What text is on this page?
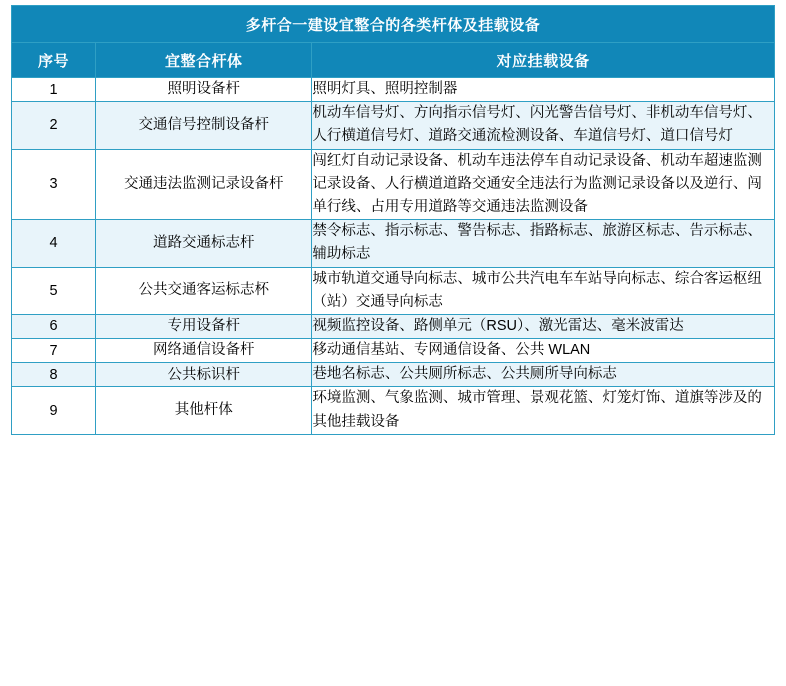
多杆合一建设宜整合的各类杆体及挂载设备		
序号	宜整合杆体	对应挂载设备
1	照明设备杆	照明灯具、照明控制器
2	交通信号控制设备杆	机动车信号灯、方向指示信号灯、闪光警告信号灯、非机动车信号灯、人行横道信号灯、道路交通流检测设备、车道信号灯、道口信号灯
3	交通违法监测记录设备杆	闯红灯自动记录设备、机动车违法停车自动记录设备、机动车超速监测记录设备、人行横道道路交通安全违法行为监测记录设备以及逆行、闯单行线、占用专用道路等交通违法监测设备
4	道路交通标志杆	禁令标志、指示标志、警告标志、指路标志、旅游区标志、告示标志、辅助标志
5	公共交通客运标志杯	城市轨道交通导向标志、城市公共汽电车车站导向标志、综合客运枢纽（站）交通导向标志
6	专用设备杆	视频监控设备、路侧单元（RSU）、激光雷达、毫米波雷达
7	网络通信设备杆	移动通信基站、专网通信设备、公共 WLAN
8	公共标识杆	巷地名标志、公共厕所标志、公共厕所导向标志
9	其他杆体	环境监测、气象监测、城市管理、景观花篮、灯笼灯饰、道旗等涉及的其他挂载设备
